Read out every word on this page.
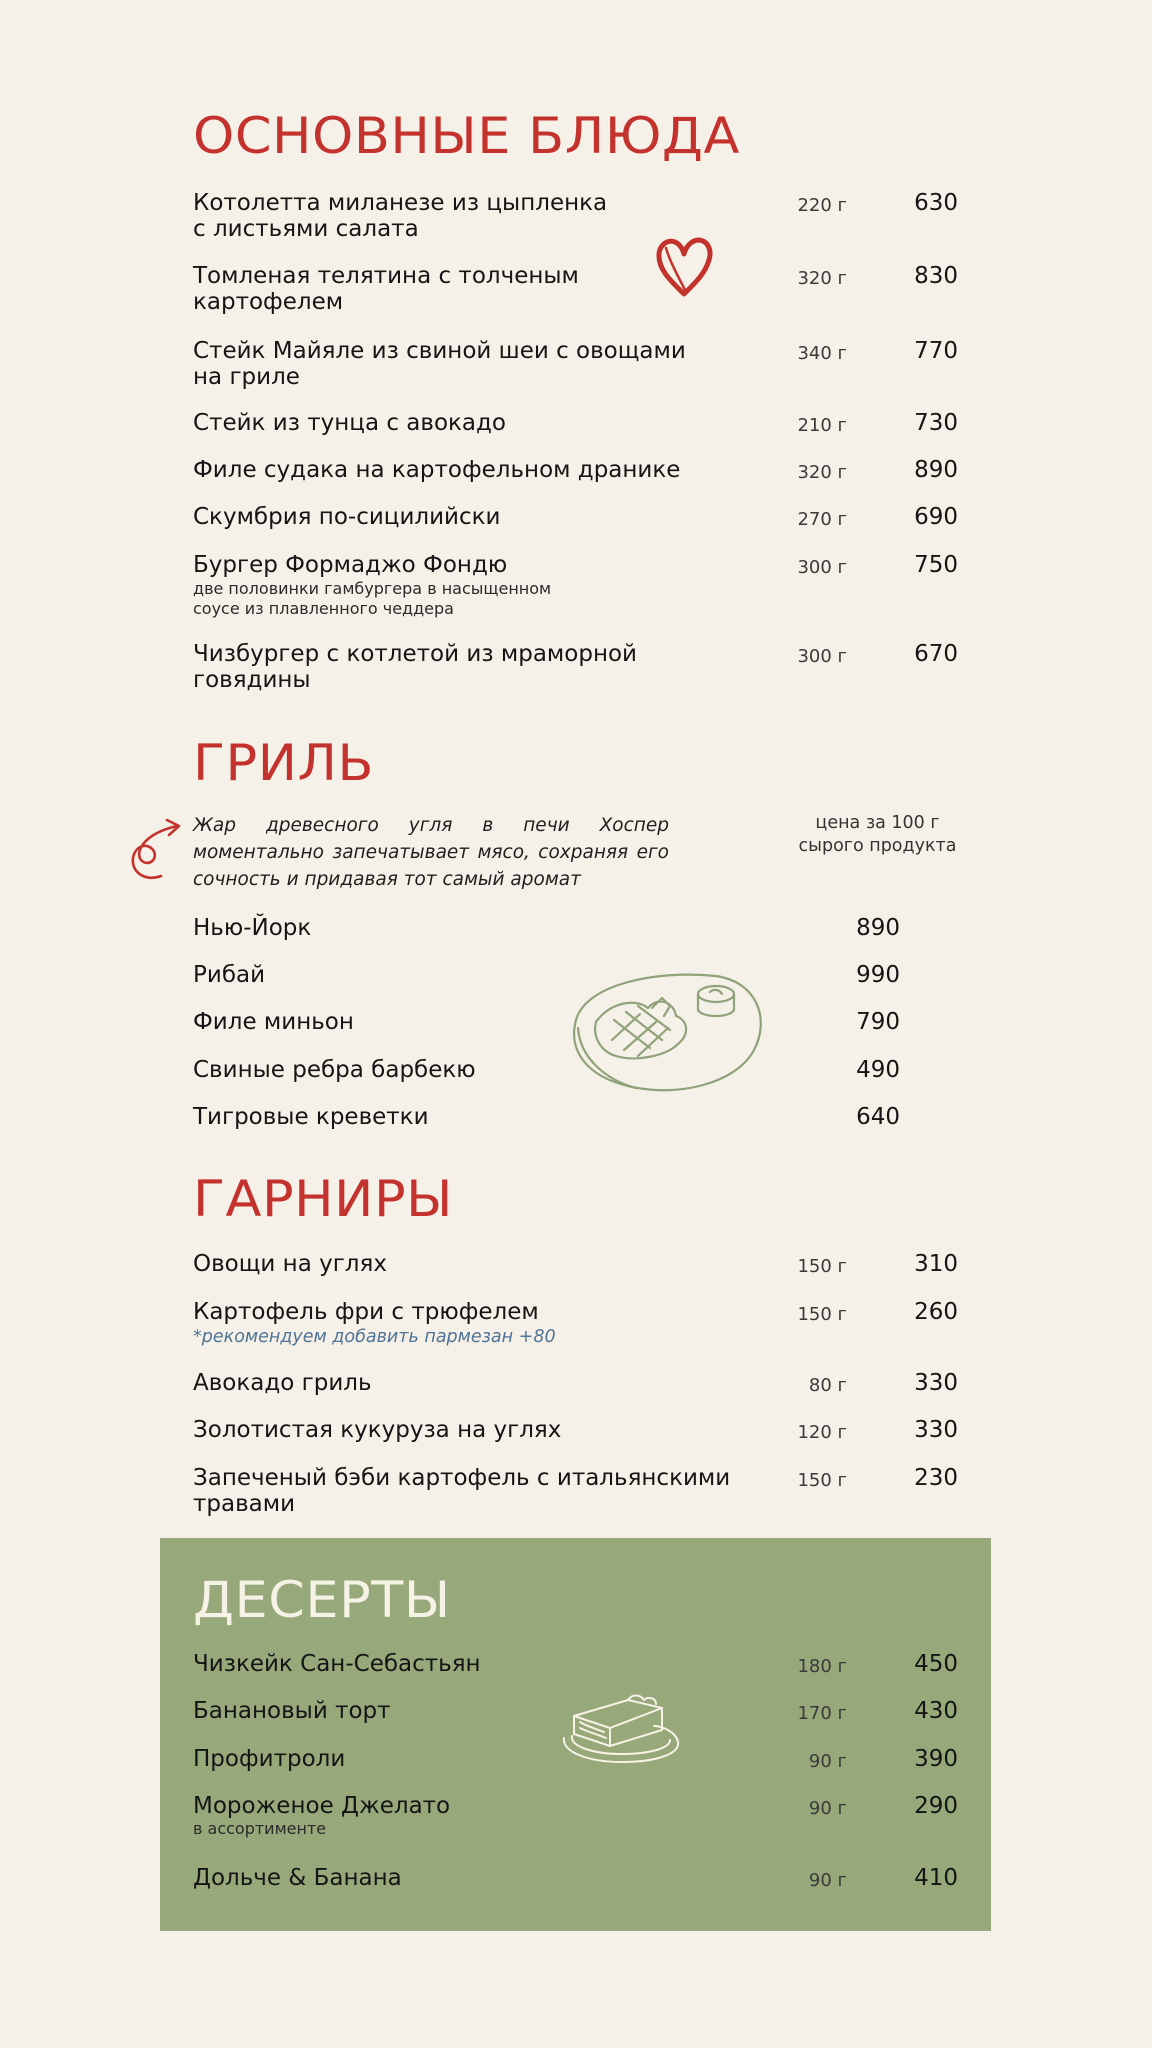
ОСНОВНЫЕ БЛЮДА
Котолетта миланезе из цыпленка
с листьями салата
220 г	630
Томленая телятина с толченым
картофелем
320 г	830
Стейк Майяле из свиной шеи с овощами
на гриле
340 г	770
Стейк из тунца с авокадо	210 г	730
Филе судака на картофельном дранике	320 г	890
Скумбрия по-сицилийски	270 г	690
Бургер Формаджо Фондю
две половинки гамбургера в насыщенном
соусе из плавленного чеддера
300 г	750
Чизбургер с котлетой из мраморной
говядины
300 г	670
ГРИЛЬ
Жар древесного угля в печи Хоспер моментально запечатывает мясо, сохраняя его сочность и придавая тот самый аромат
цена за 100 г
сырого продукта
Нью-Йорк	890
Рибай	990
Филе миньон	790
Свиные ребра барбекю	490
Тигровые креветки	640
ГАРНИРЫ
Овощи на углях	150 г	310
Картофель фри с трюфелем
*рекомендуем добавить пармезан +80
150 г	260
Авокадо гриль	80 г	330
Золотистая кукуруза на углях	120 г	330
Запеченый бэби картофель с итальянскими
травами
150 г	230
ДЕСЕРТЫ
Чизкейк Сан-Себастьян	180 г	450
Банановый торт	170 г	430
Профитроли	90 г	390
Мороженое Джелато
в ассортименте
90 г	290
Дольче & Банана	90 г	410
